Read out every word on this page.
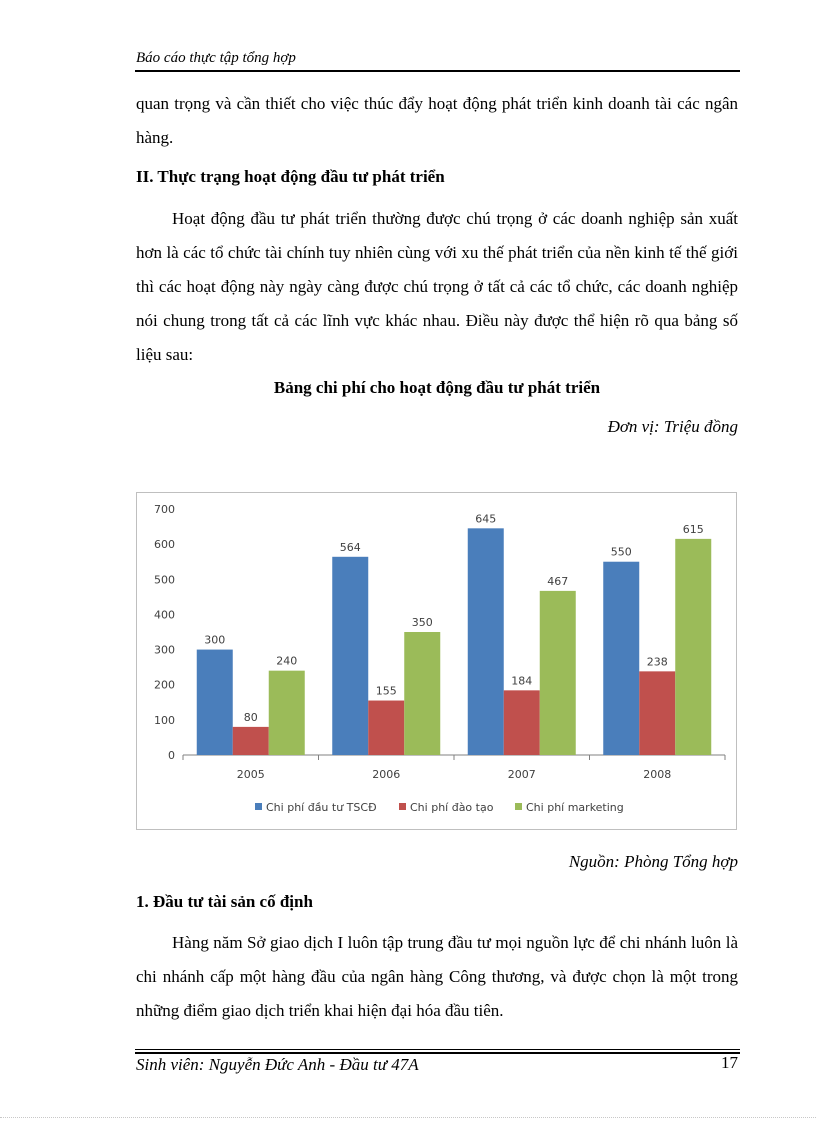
Báo cáo thực tập tổng hợp

quan trọng và cần thiết cho việc thúc đẩy hoạt động phát triển kinh doanh tài các ngân hàng.

II. Thực trạng hoạt động đầu tư phát triển

Hoạt động đầu tư phát triển thường được chú trọng ở các doanh nghiệp sản xuất hơn là các tổ chức tài chính tuy nhiên cùng với xu thế phát triển của nền kinh tế thế giới thì các hoạt động này ngày càng được chú trọng ở tất cả các tổ chức, các doanh nghiệp nói chung trong tất cả các lĩnh vực khác nhau. Điều này được thể hiện rõ qua bảng số liệu sau:

Bảng chi phí cho hoạt động đầu tư phát triển
Đơn vị: Triệu đồng
0
100
200
300
400
500
600
700
300
80
240
2005
564
155
350
2006
645
184
467
2007
550
238
615
2008
Chi phí đầu tư TSCĐ	Chi phí đào tạo	Chi phí marketing
Nguồn: Phòng Tổng hợp
1. Đầu tư tài sản cố định

Hàng năm Sở giao dịch I luôn tập trung đầu tư mọi nguồn lực để chi nhánh luôn là chi nhánh cấp một hàng đầu của ngân hàng Công thương, và được chọn là một trong những điểm giao dịch triển khai hiện đại hóa đầu tiên.

Sinh viên: Nguyễn Đức Anh - Đầu tư 47A	17
